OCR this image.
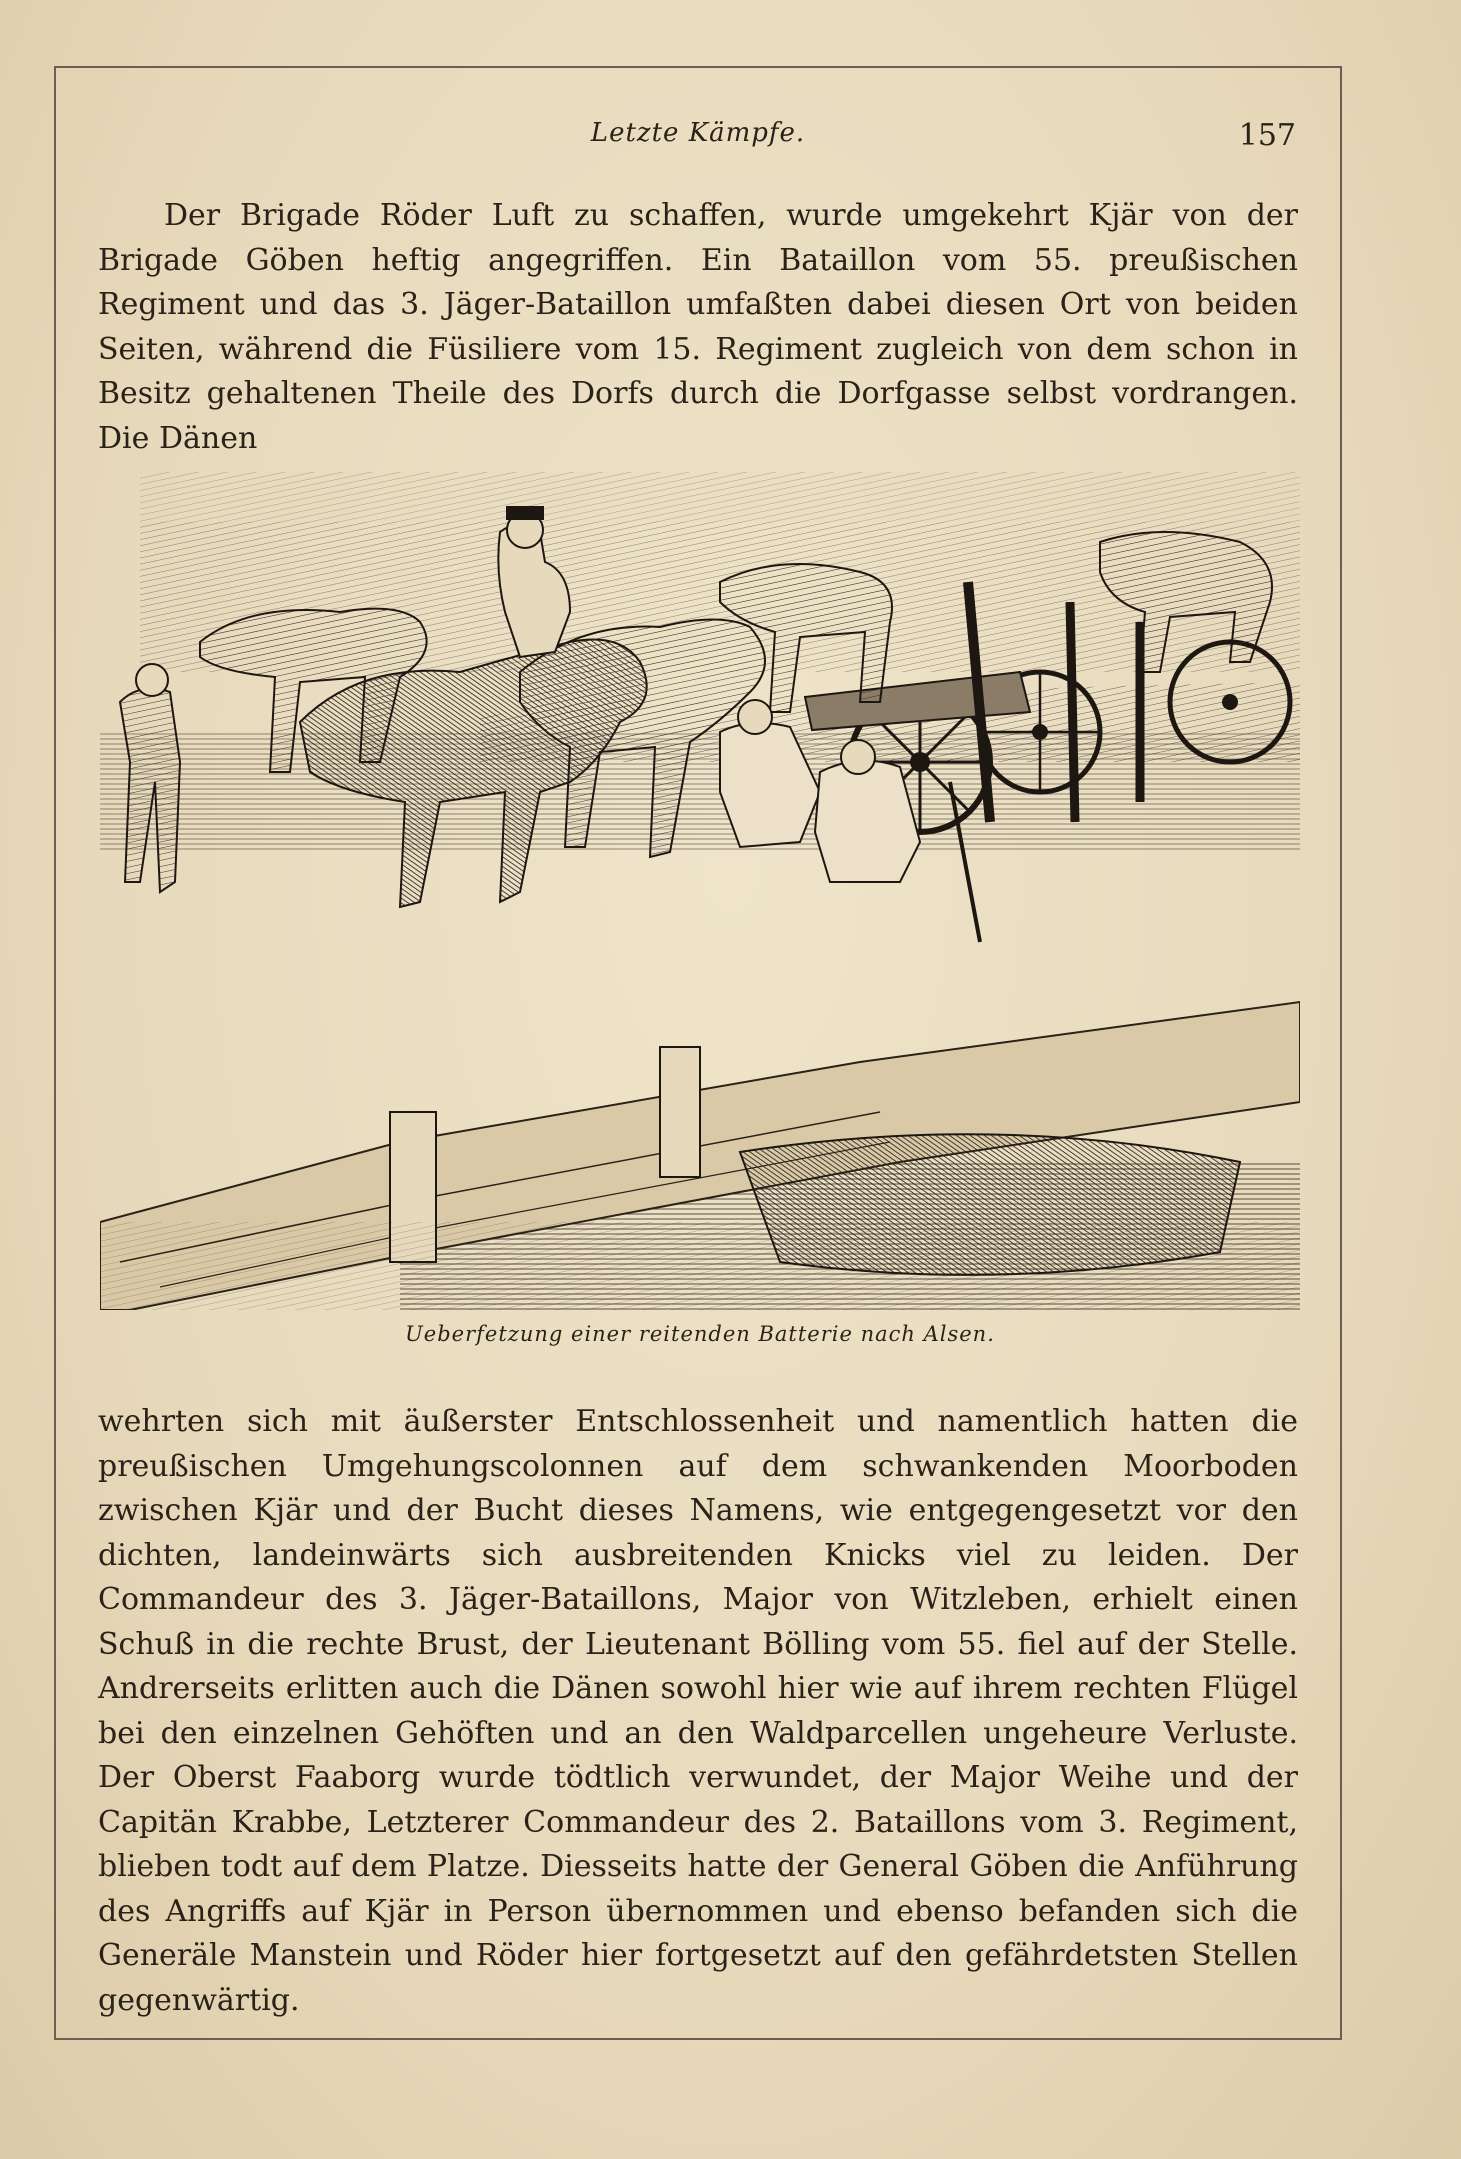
Letzte Kämpfe.	157

Der Brigade Röder Luft zu schaffen, wurde umgekehrt Kjär von der Brigade Göben heftig angegriffen. Ein Bataillon vom 55. preußischen Regiment und das 3. Jäger-Bataillon umfaßten dabei diesen Ort von beiden Seiten, während die Füsiliere vom 15. Regiment zugleich von dem schon in Besitz gehaltenen Theile des Dorfs durch die Dorfgasse selbst vordrangen. Die Dänen

Ueberfetzung einer reitenden Batterie nach Alsen.

wehrten sich mit äußerster Entschlossenheit und namentlich hatten die preußischen Umgehungscolonnen auf dem schwankenden Moorboden zwischen Kjär und der Bucht dieses Namens, wie entgegengesetzt vor den dichten, landeinwärts sich ausbreitenden Knicks viel zu leiden. Der Commandeur des 3. Jäger-Bataillons, Major von Witzleben, erhielt einen Schuß in die rechte Brust, der Lieutenant Bölling vom 55. fiel auf der Stelle. Andrerseits erlitten auch die Dänen sowohl hier wie auf ihrem rechten Flügel bei den einzelnen Gehöften und an den Waldparcellen ungeheure Verluste. Der Oberst Faaborg wurde tödtlich verwundet, der Major Weihe und der Capitän Krabbe, Letzterer Commandeur des 2. Bataillons vom 3. Regiment, blieben todt auf dem Platze. Diesseits hatte der General Göben die Anführung des Angriffs auf Kjär in Person übernommen und ebenso befanden sich die Generäle Manstein und Röder hier fortgesetzt auf den gefährdetsten Stellen gegenwärtig.
